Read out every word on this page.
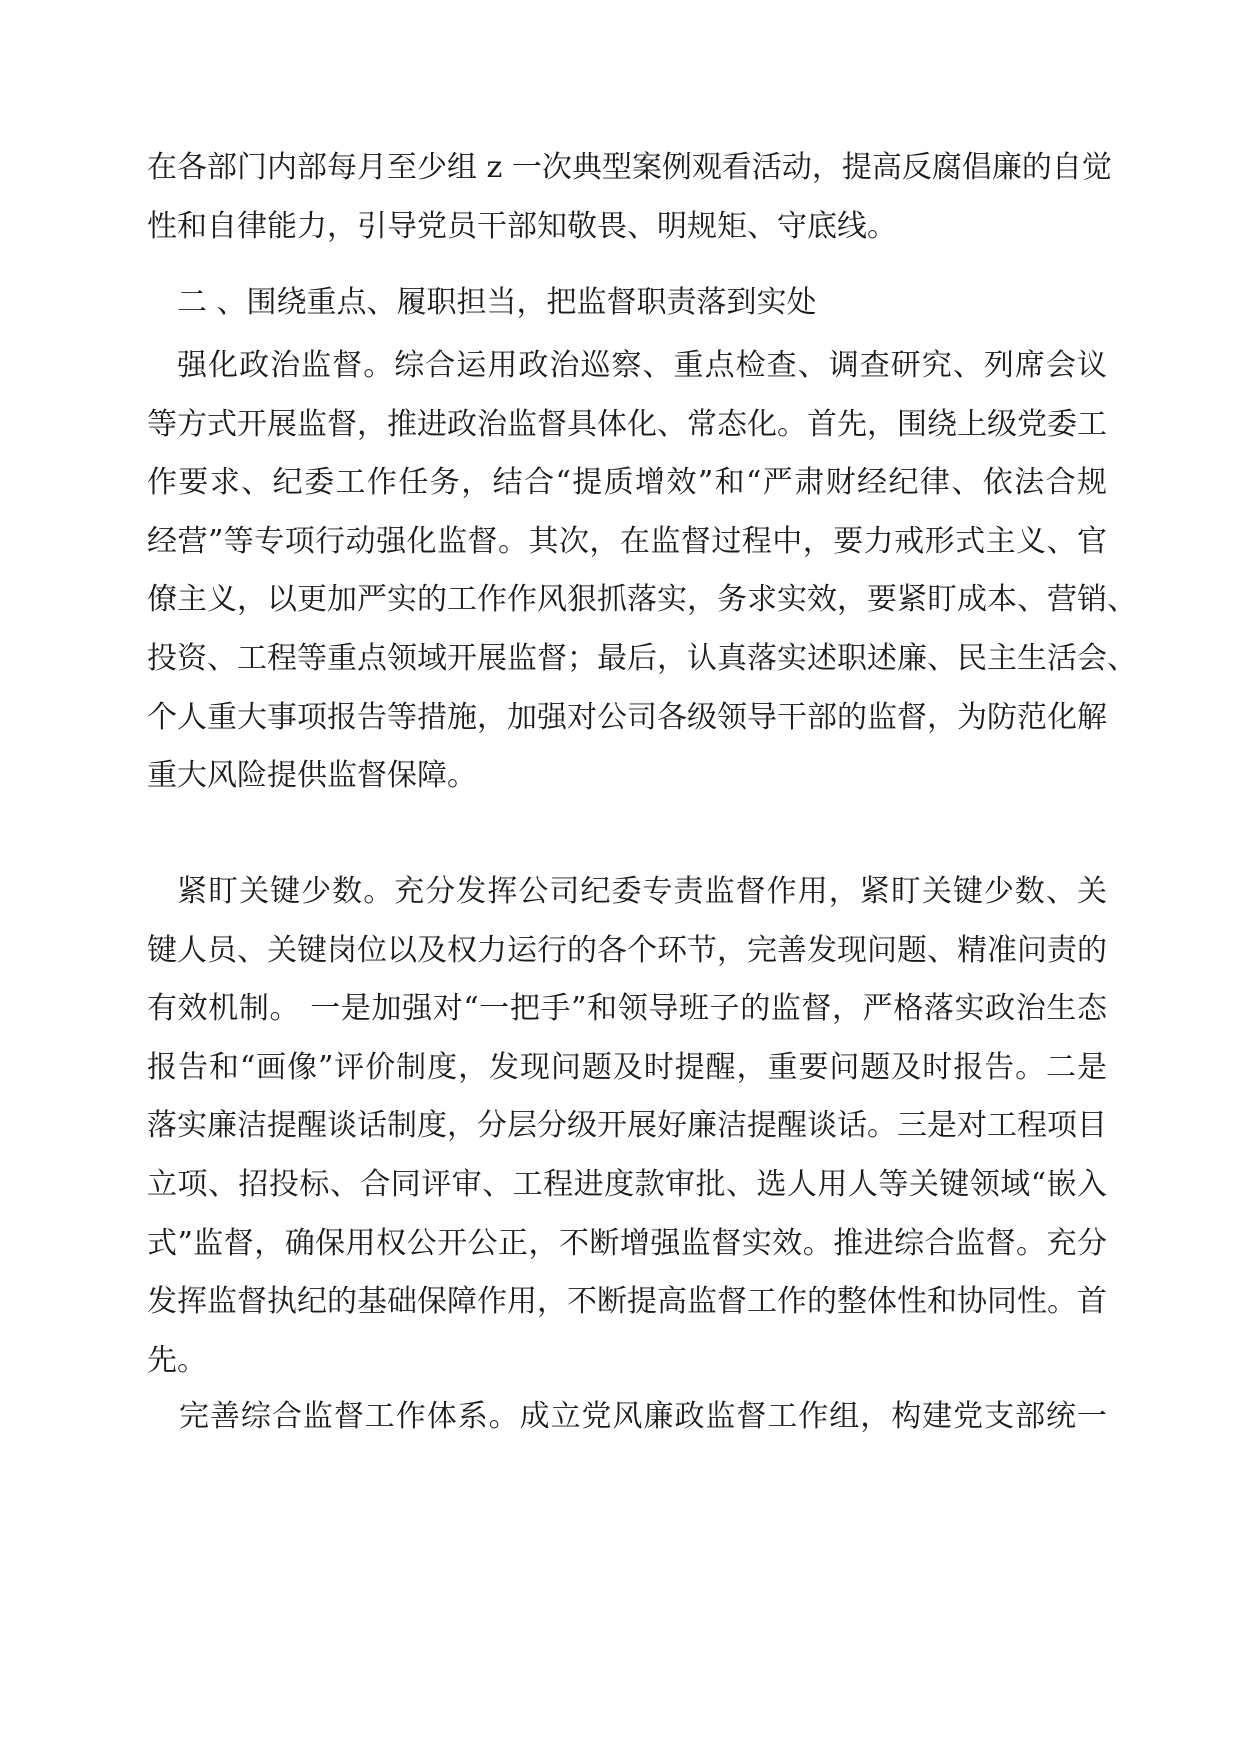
在各部门内部每月至少组 z 一次典型案例观看活动，提高反腐倡廉的自觉
性和自律能力，引导党员干部知敬畏、明规矩、守底线。
二 、围绕重点、履职担当，把监督职责落到实处
强化政治监督。综合运用政治巡察、重点检查、调查研究、列席会议
等方式开展监督，推进政治监督具体化、常态化。首先，围绕上级党委工
作要求、纪委工作任务，结合“提质增效”和“严肃财经纪律、依法合规
经营”等专项行动强化监督。其次，在监督过程中，要力戒形式主义、官
僚主义，以更加严实的工作作风狠抓落实，务求实效，要紧盯成本、营销、
投资、工程等重点领域开展监督；最后，认真落实述职述廉、民主生活会、
个人重大事项报告等措施，加强对公司各级领导干部的监督，为防范化解
重大风险提供监督保障。
紧盯关键少数。充分发挥公司纪委专责监督作用，紧盯关键少数、关
键人员、关键岗位以及权力运行的各个环节，完善发现问题、精准问责的
有效机制。 一是加强对“一把手”和领导班子的监督，严格落实政治生态
报告和“画像”评价制度，发现问题及时提醒，重要问题及时报告。二是
落实廉洁提醒谈话制度，分层分级开展好廉洁提醒谈话。三是对工程项目
立项、招投标、合同评审、工程进度款审批、选人用人等关键领域“嵌入
式”监督，确保用权公开公正，不断增强监督实效。推进综合监督。充分
发挥监督执纪的基础保障作用，不断提高监督工作的整体性和协同性。首
先。
完善综合监督工作体系。成立党风廉政监督工作组，构建党支部统一
